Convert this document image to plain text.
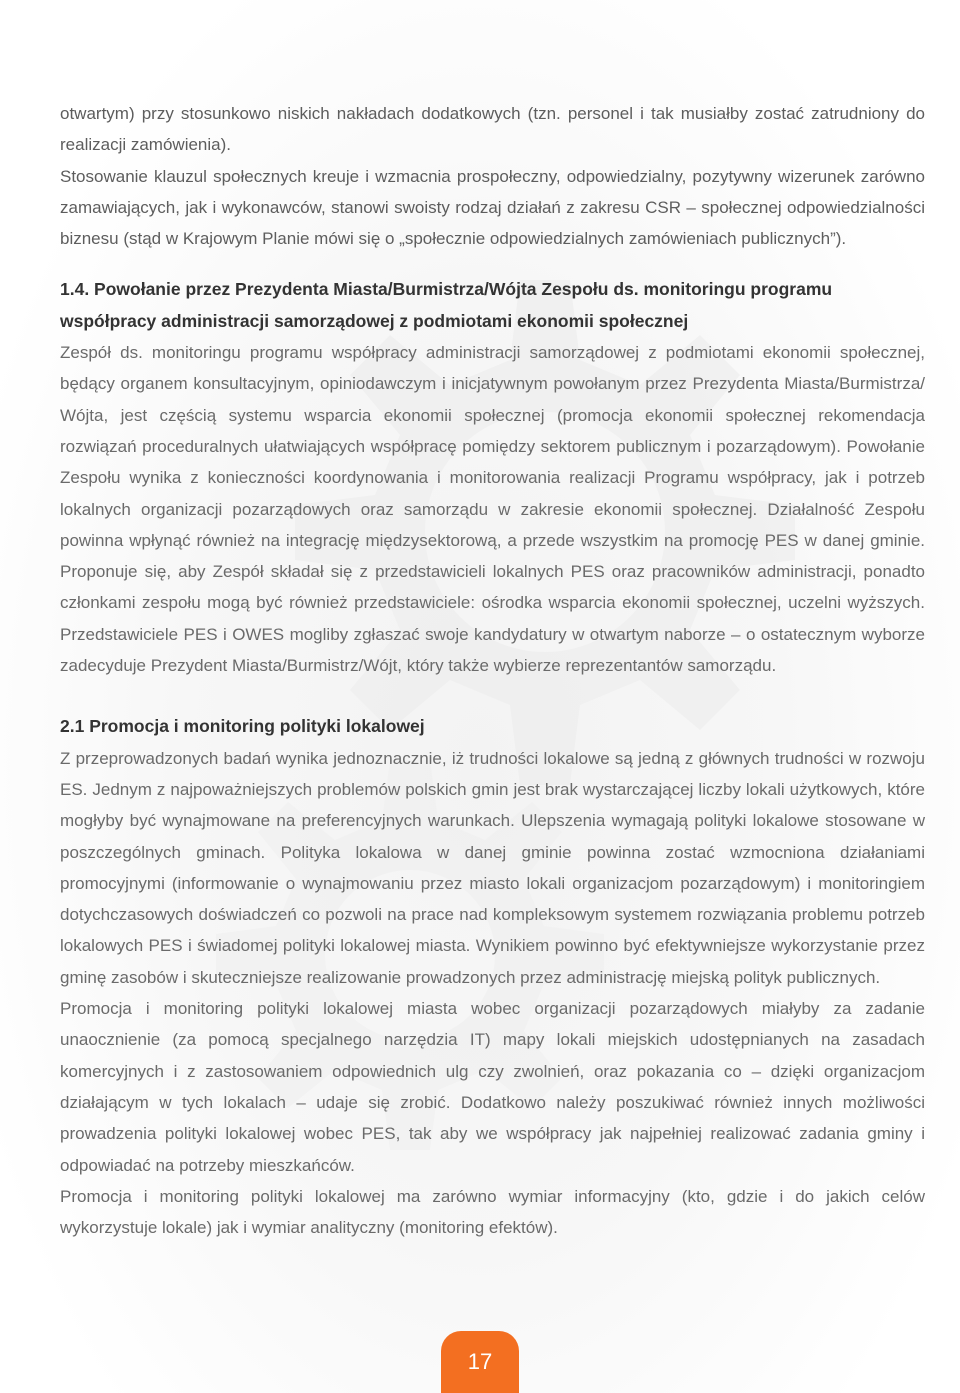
otwartym) przy stosunkowo niskich nakładach dodatkowych (tzn. personel i tak musiałby zostać zatrudniony do realizacji zamówienia).

Stosowanie klauzul społecznych kreuje i wzmacnia prospołeczny, odpowiedzialny, pozytywny wizerunek zarówno zamawiających, jak i wykonawców, stanowi swoisty rodzaj działań z zakresu CSR – społecznej odpowiedzialności biznesu (stąd w Krajowym Planie mówi się o „społecznie odpowiedzialnych zamówieniach publicznych”).

1.4. Powołanie przez Prezydenta Miasta/Burmistrza/Wójta Zespołu ds. monitoringu programu współpracy administracji samorządowej z podmiotami ekonomii społecznej

Zespół ds. monitoringu programu współpracy administracji samorządowej z podmiotami ekonomii społecznej, będący organem konsultacyjnym, opiniodawczym i inicjatywnym powołanym przez Prezydenta Miasta/Burmistrza/ Wójta, jest częścią systemu wsparcia ekonomii społecznej (promocja ekonomii społecznej rekomendacja rozwiązań proceduralnych ułatwiających współpracę pomiędzy sektorem publicznym i pozarządowym). Powołanie Zespołu wynika z konieczności koordynowania i monitorowania realizacji Programu współpracy, jak i potrzeb lokalnych organizacji pozarządowych oraz samorządu w zakresie ekonomii społecznej. Działalność Zespołu powinna wpłynąć również na integrację międzysektorową, a przede wszystkim na promocję PES w danej gminie. Proponuje się, aby Zespół składał się z przedstawicieli lokalnych PES oraz pracowników administracji, ponadto członkami zespołu mogą być również przedstawiciele: ośrodka wsparcia ekonomii społecznej, uczelni wyższych. Przedstawiciele PES i OWES mogliby zgłaszać swoje kandydatury w otwartym naborze – o ostatecznym wyborze zadecyduje Prezydent Miasta/Burmistrz/Wójt, który także wybierze reprezentantów samorządu.

2.1 Promocja i monitoring polityki lokalowej

Z przeprowadzonych badań wynika jednoznacznie, iż trudności lokalowe są jedną z głównych trudności w rozwoju ES. Jednym z najpoważniejszych problemów polskich gmin jest brak wystarczającej liczby lokali użytkowych, które mogłyby być wynajmowane na preferencyjnych warunkach. Ulepszenia wymagają polityki lokalowe stosowane w poszczególnych gminach. Polityka lokalowa w danej gminie powinna zostać wzmocniona działaniami promocyjnymi (informowanie o wynajmowaniu przez miasto lokali organizacjom pozarządowym) i monitoringiem dotychczasowych doświadczeń co pozwoli na prace nad kompleksowym systemem rozwiązania problemu potrzeb lokalowych PES i świadomej polityki lokalowej miasta. Wynikiem powinno być efektywniejsze wykorzystanie przez gminę zasobów i skuteczniejsze realizowanie prowadzonych przez administrację miejską polityk publicznych.

Promocja i monitoring polityki lokalowej miasta wobec organizacji pozarządowych miałyby za zadanie unaocznienie (za pomocą specjalnego narzędzia IT) mapy lokali miejskich udostępnianych na zasadach komercyjnych i z zastosowaniem odpowiednich ulg czy zwolnień, oraz pokazania co – dzięki organizacjom działającym w tych lokalach – udaje się zrobić. Dodatkowo należy poszukiwać również innych możliwości prowadzenia polityki lokalowej wobec PES, tak aby we współpracy jak najpełniej realizować zadania gminy i odpowiadać na potrzeby mieszkańców.

Promocja i monitoring polityki lokalowej ma zarówno wymiar informacyjny (kto, gdzie i do jakich celów wykorzystuje lokale) jak i wymiar analityczny (monitoring efektów).

17
